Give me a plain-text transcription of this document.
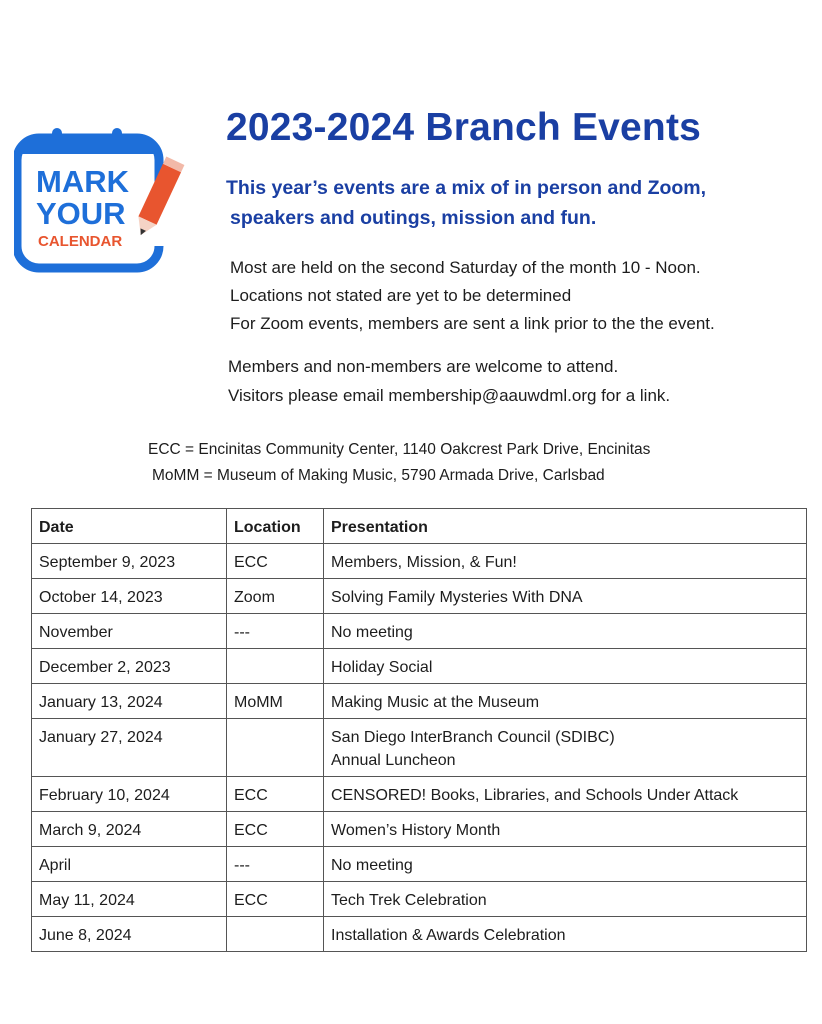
MARK
YOUR
CALENDAR
2023-2024 Branch Events
This year’s events are a mix of in person and Zoom,
speakers and outings, mission and fun.
Most are held on the second Saturday of the month 10 - Noon.
Locations not stated are yet to be determined
For Zoom events, members are sent a link prior to the the event.
Members and non-members are welcome to attend.
Visitors please email membership@aauwdml.org for a link.
ECC = Encinitas Community Center, 1140 Oakcrest Park Drive, Encinitas
MoMM = Museum of Making Music, 5790 Armada Drive, Carlsbad
Date	Location	Presentation
September 9, 2023	ECC	Members, Mission, & Fun!
October 14, 2023	Zoom	Solving Family Mysteries With DNA
November	---	No meeting
December 2, 2023		Holiday Social
January 13, 2024	MoMM	Making Music at the Museum
January 27, 2024		San Diego InterBranch Council (SDIBC)
Annual Luncheon

February 10, 2024	ECC	CENSORED! Books, Libraries, and Schools Under Attack
March 9, 2024	ECC	Women’s History Month
April	---	No meeting
May 11, 2024	ECC	Tech Trek Celebration
June 8, 2024		Installation & Awards Celebration
